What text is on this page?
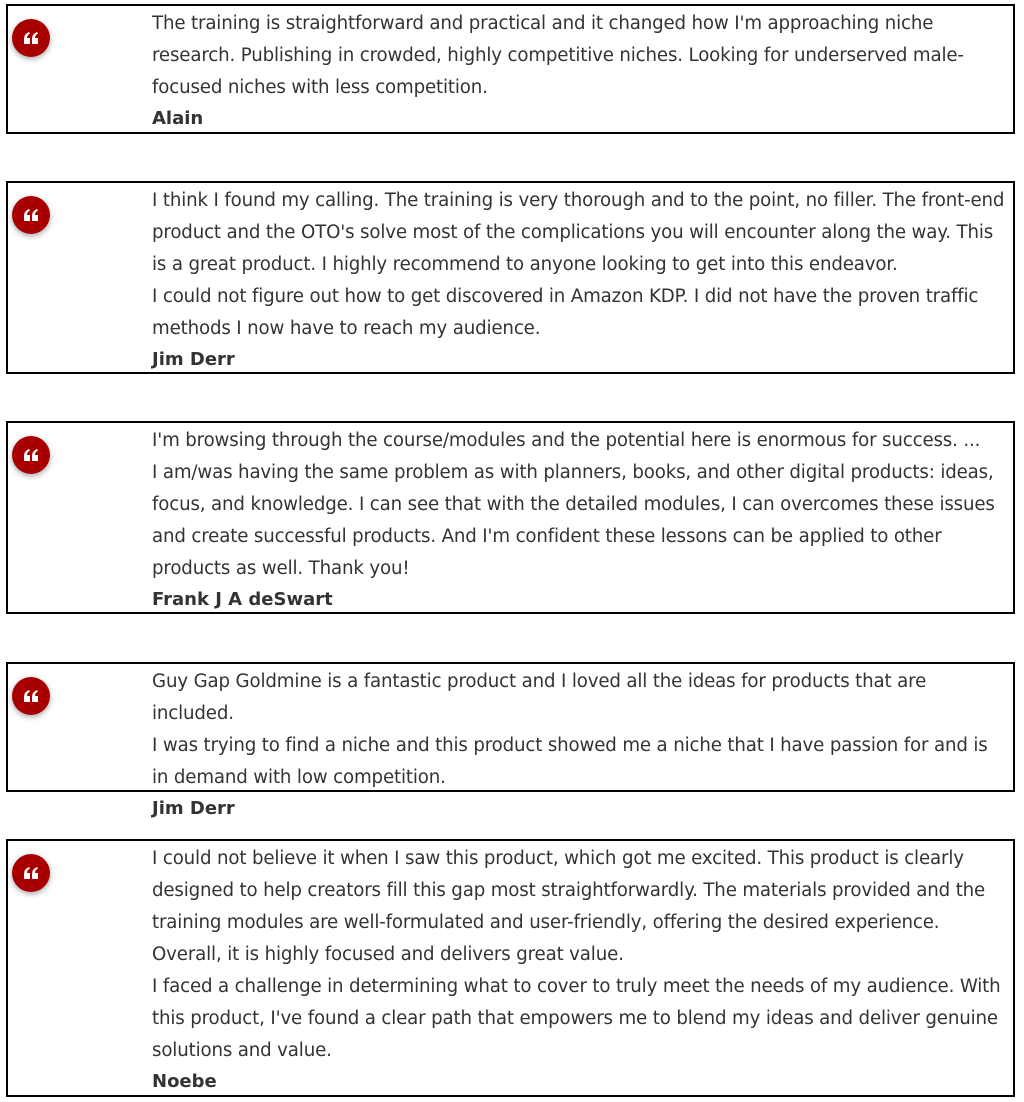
The training is straightforward and practical and it changed how I'm approaching niche research. Publishing in crowded, highly competitive niches. Looking for underserved male-focused niches with less competition.

Alain

I think I found my calling. The training is very thorough and to the point, no filler. The front-end product and the OTO's solve most of the complications you will encounter along the way. This is a great product. I highly recommend to anyone looking to get into this endeavor.

I could not figure out how to get discovered in Amazon KDP. I did not have the proven traffic methods I now have to reach my audience.

Jim Derr

I'm browsing through the course/modules and the potential here is enormous for success. ...

I am/was having the same problem as with planners, books, and other digital products: ideas, focus, and knowledge. I can see that with the detailed modules, I can overcomes these issues and create successful products. And I'm confident these lessons can be applied to other products as well. Thank you!

Frank J A deSwart

Guy Gap Goldmine is a fantastic product and I loved all the ideas for products that are included.

I was trying to find a niche and this product showed me a niche that I have passion for and is in demand with low competition.

Jim Derr

I could not believe it when I saw this product, which got me excited. This product is clearly designed to help creators fill this gap most straightforwardly. The materials provided and the training modules are well-formulated and user-friendly, offering the desired experience. Overall, it is highly focused and delivers great value.

I faced a challenge in determining what to cover to truly meet the needs of my audience. With this product, I've found a clear path that empowers me to blend my ideas and deliver genuine solutions and value.

Noebe
